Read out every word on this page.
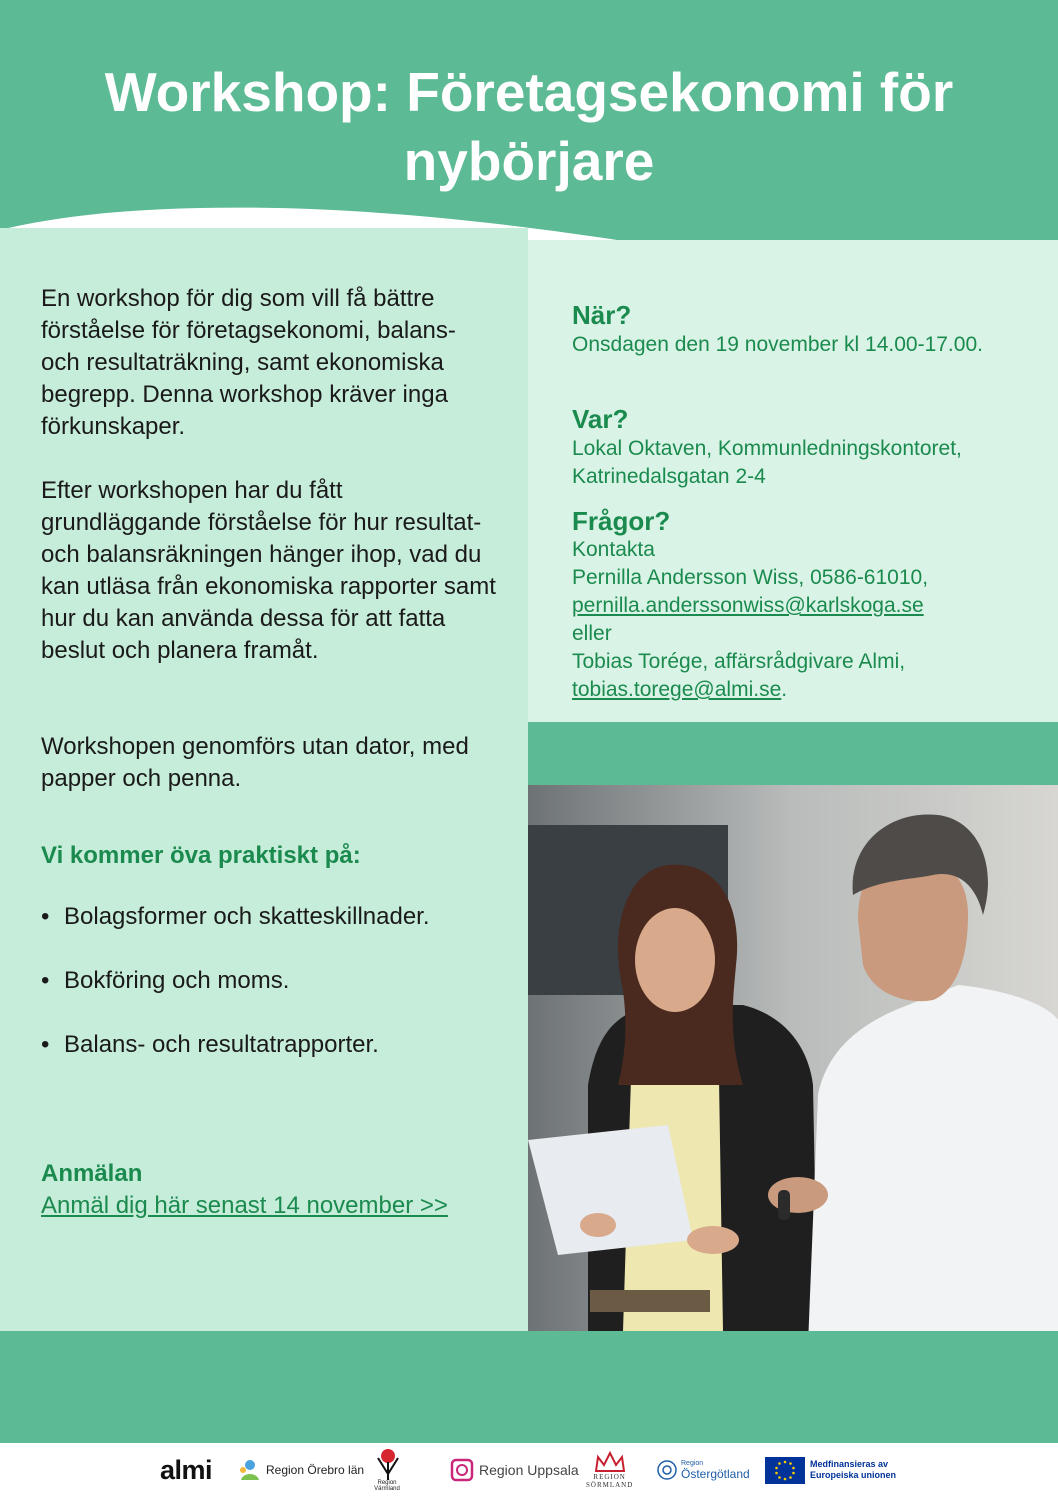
Workshop: Företagsekonomi för
nybörjare

En workshop för dig som vill få bättre förståelse för företagsekonomi, balans- och resultaträkning, samt ekonomiska begrepp. Denna workshop kräver inga förkunskaper.

Efter workshopen har du fått grundläggande förståelse för hur resultat- och balansräkningen hänger ihop, vad du kan utläsa från ekonomiska rapporter samt hur du kan använda dessa för att fatta beslut och planera framåt.

Workshopen genomförs utan dator, med papper och penna.

Vi kommer öva praktiskt på:
• Bolagsformer och skatteskillnader.
• Bokföring och moms.
• Balans- och resultatrapporter.
Anmälan
Anmäl dig här senast 14 november >>
När?

Onsdagen den 19 november kl 14.00-17.00.

Var?

Lokal Oktaven, Kommunledningskontoret,
Katrinedalsgatan 2-4

Frågor?

Kontakta
Pernilla Andersson Wiss, 0586-61010,
pernilla.anderssonwiss@karlskoga.se
eller
Tobias Torége, affärsrådgivare Almi,
tobias.torege@almi.se.

almi	Region Örebro län
Region
Värmland
Region Uppsala REGION
SÖRMLAND
Region
Östergötland
Medfinansieras av
Europeiska unionen
